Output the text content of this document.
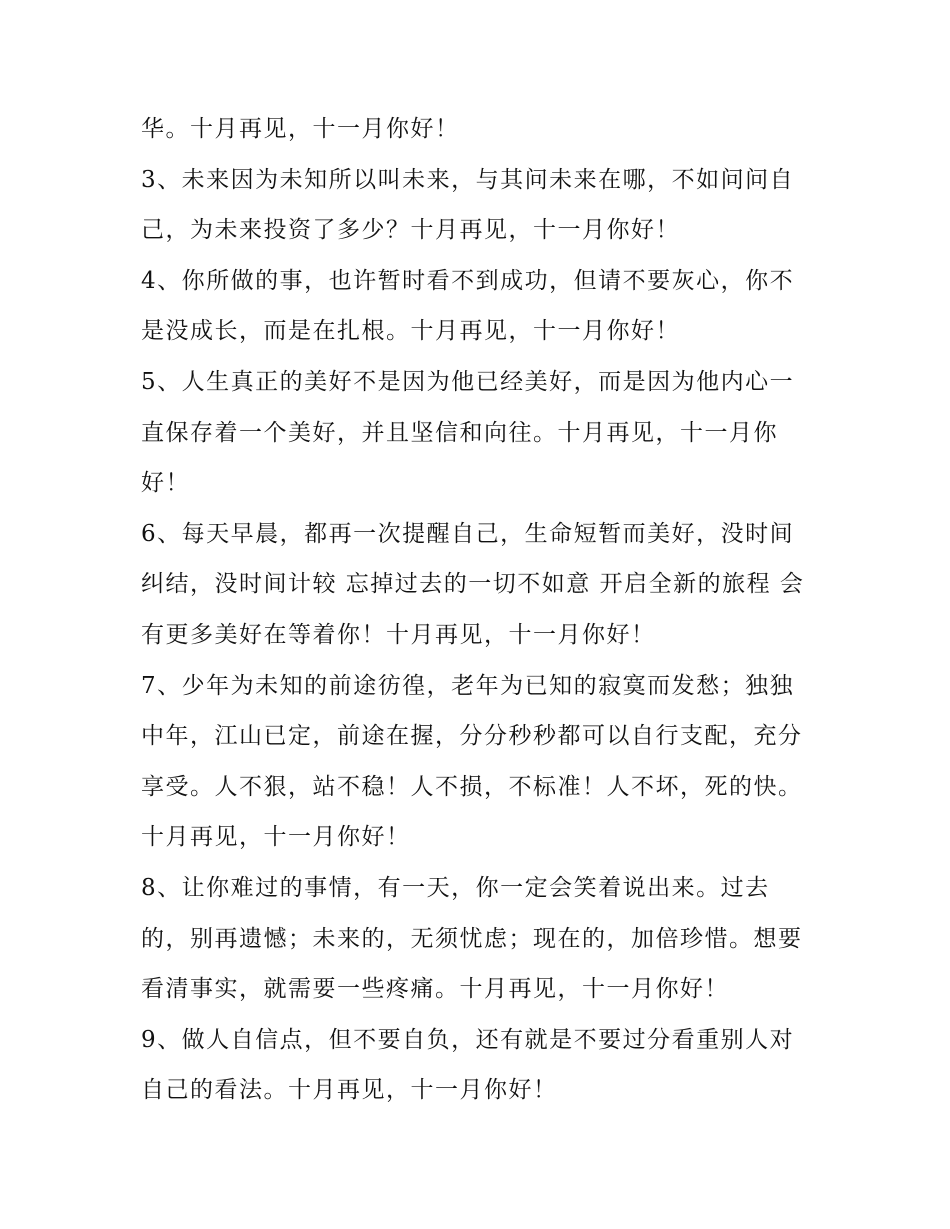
华。十月再见，十一月你好！
3、未来因为未知所以叫未来，与其问未来在哪，不如问问自
己，为未来投资了多少？十月再见，十一月你好！
4、你所做的事，也许暂时看不到成功，但请不要灰心，你不
是没成长，而是在扎根。十月再见，十一月你好！
5、人生真正的美好不是因为他已经美好，而是因为他内心一
直保存着一个美好，并且坚信和向往。十月再见，十一月你
好！
6、每天早晨，都再一次提醒自己，生命短暂而美好，没时间
纠结，没时间计较 忘掉过去的一切不如意 开启全新的旅程 会
有更多美好在等着你！十月再见，十一月你好！
7、少年为未知的前途彷徨，老年为已知的寂寞而发愁；独独
中年，江山已定，前途在握，分分秒秒都可以自行支配，充分
享受。人不狠，站不稳！人不损，不标准！人不坏，死的快。
十月再见，十一月你好！
8、让你难过的事情，有一天，你一定会笑着说出来。过去
的，别再遗憾；未来的，无须忧虑；现在的，加倍珍惜。想要
看清事实，就需要一些疼痛。十月再见，十一月你好！
9、做人自信点，但不要自负，还有就是不要过分看重别人对
自己的看法。十月再见，十一月你好！
